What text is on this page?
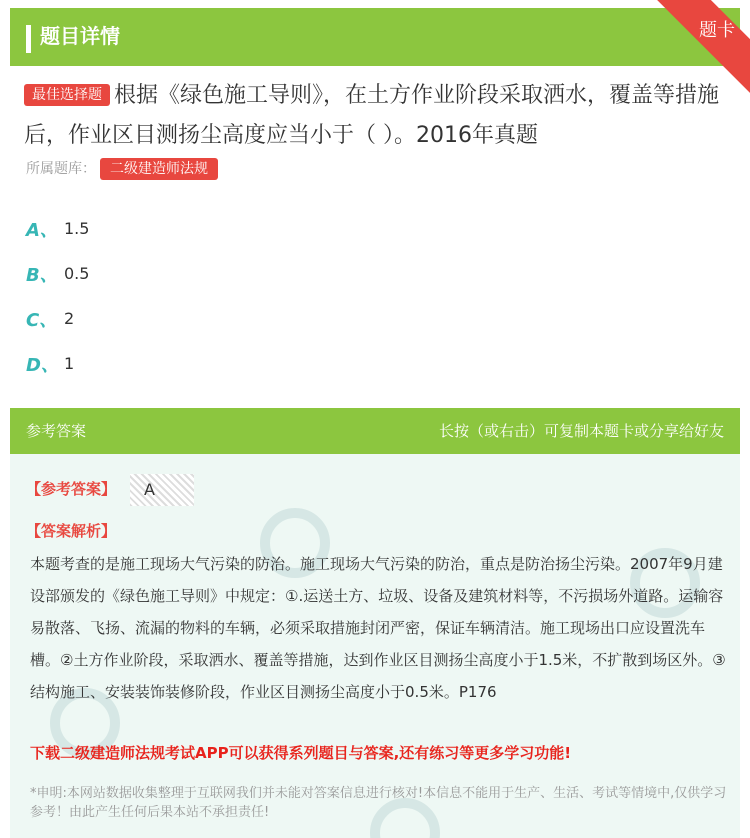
题目详情	题卡
最佳选择题 根据《绿色施工导则》，在土方作业阶段采取洒水，覆盖等措施后，作业区目测扬尘高度应当小于（ ）。2016年真题
所属题库： 二级建造师法规
A、 1.5
B、 0.5
C、 2
D、 1
参考答案	长按（或右击）可复制本题卡或分享给好友
【参考答案】	A
【答案解析】
本题考查的是施工现场大气污染的防治。施工现场大气污染的防治，重点是防治扬尘污染。2007年9月建设部颁发的《绿色施工导则》中规定：①.运送土方、垃圾、设备及建筑材料等，不污损场外道路。运输容易散落、飞扬、流漏的物料的车辆，必须采取措施封闭严密，保证车辆清洁。施工现场出口应设置洗车槽。②土方作业阶段，采取洒水、覆盖等措施，达到作业区目测扬尘高度小于1.5米，不扩散到场区外。③结构施工、安装装饰装修阶段，作业区目测扬尘高度小于0.5米。P176
下载二级建造师法规考试APP可以获得系列题目与答案,还有练习等更多学习功能!
*申明:本网站数据收集整理于互联网我们并未能对答案信息进行核对!本信息不能用于生产、生活、考试等情境中,仅供学习参考！由此产生任何后果本站不承担责任!
